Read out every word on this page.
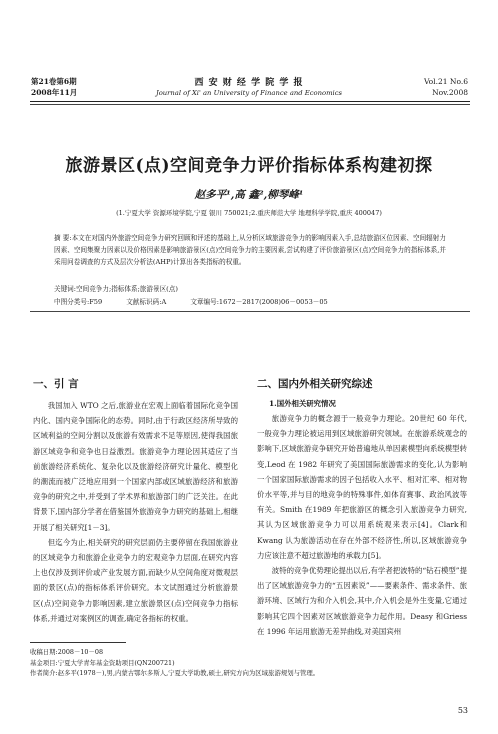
第21卷第6期
2008年11月
西 安 财 经 学 院 学 报
Journal of Xi' an University of Finance and Economics
Vol.21 No.6
Nov.2008
旅游景区(点)空间竞争力评价指标体系构建初探
赵多平¹,高 鑫²,柳琴峰¹
(1.宁夏大学 资源环境学院,宁夏 银川 750021;2.重庆师范大学 地理科学学院,重庆 400047)
摘 要:本文在对国内外旅游空间竞争力研究回顾和评述的基础上,从分析区域旅游竞争力的影响因素入手,总结旅游区位因素、空间辐射力因素、空间集聚力因素以及价格因素是影响旅游景区(点)空间竞争力的主要因素,尝试构建了评价旅游景区(点)空间竞争力的指标体系,并采用问卷调查的方式及层次分析法(AHP)计算出各类指标的权重。
关键词:空间竞争力;指标体系;旅游景区(点)
中图分类号:F59	文献标识码:A	文章编号:1672－2817(2008)06－0053－05
一、引 言

我国加入 WTO 之后,旅游业在宏观上面临着国际化竞争国内化、国内竞争国际化的态势。同时,由于行政区经济所导致的区域利益的空间分割以及旅游有效需求不足等原因,使得我国旅游区域竞争和竞争也日益激烈。旅游竞争力理论因其适应了当前旅游经济系统化、复杂化以及旅游经济研究计量化、模型化的潮流而被广泛地应用到一个国家内部或区域旅游经济和旅游竞争的研究之中,并受到了学术界和旅游部门的广泛关注。在此背景下,国内部分学者在借鉴国外旅游竞争力研究的基础上,相继开展了相关研究[1－3]。

但迄今为止,相关研究的研究层面仍主要停留在我国旅游业的区域竞争力和旅游企业竞争力的宏观竞争力层面,在研究内容上也仅涉及到评价或产业发展方面,而缺少从空间角度对微观层面的景区(点)的指标体系评价研究。本文试图通过分析旅游景区(点)空间竞争力影响因素,建立旅游景区(点)空间竞争力指标体系,并通过对案例区的调查,确定各指标的权重。

二、国内外相关研究综述
1.国外相关研究情况

旅游竞争力的概念源于一般竞争力理论。20世纪 60 年代,一般竞争力理论被运用到区域旅游研究领域。在旅游系统观念的影响下,区域旅游竞争研究开始普遍地从单因素模型向系统模型转变,Leod 在 1982 年研究了美国国际旅游需求的变化,认为影响一个国家国际旅游需求的因子包括收入水平、相对汇率、相对物价水平等,并与目的地竞争的特殊事件,如体育赛事、政治风波等有关。Smith 在1989 年把旅游区的概念引入旅游竞争力研究,其认为区域旅游竞争力可以用系统观来表示[4]。Clark和 Kwang 认为旅游活动在存在外部不经济性,所以,区域旅游竞争力应该注意不超过旅游地的承载力[5]。

波特的竞争优势理论提出以后,有学者把波特的“钻石模型”提出了区域旅游竞争力的“五因素说”——要素条件、需求条件、旅游环境、区域行为和介入机会,其中,介入机会是外生变量,它通过影响其它四个因素对区域旅游竞争力起作用。Deasy 和Griess 在 1996 年运用旅游无差异曲线,对美国宾州

收稿日期:2008－10－08
基金项目:宁夏大学青年基金资助项目(QN200721)
作者简介:赵多平(1978－),男,内蒙古鄂尔多斯人,宁夏大学助教,硕士,研究方向为区域旅游规划与管理。
53
